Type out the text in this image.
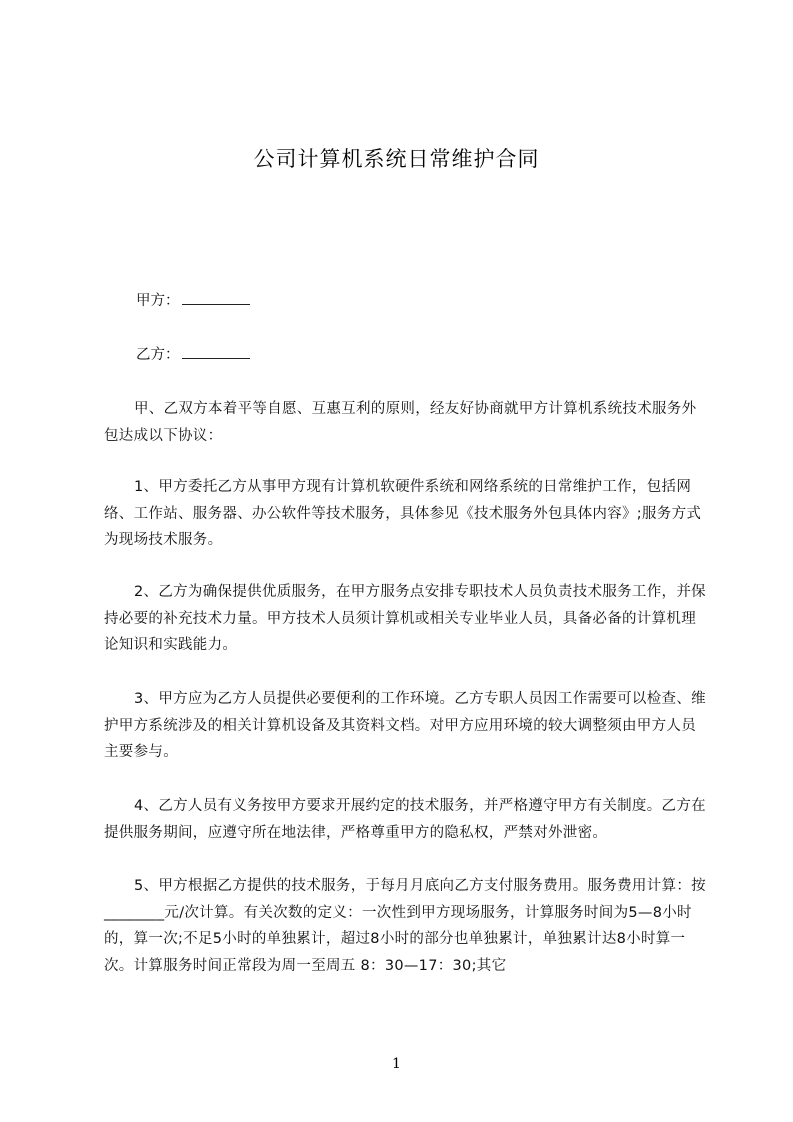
公司计算机系统日常维护合同
甲方：
乙方：
甲、乙双方本着平等自愿、互惠互利的原则，经友好协商就甲方计算机系统技术服务外包达成以下协议：
1、甲方委托乙方从事甲方现有计算机软硬件系统和网络系统的日常维护工作，包括网络、工作站、服务器、办公软件等技术服务，具体参见《技术服务外包具体内容》;服务方式为现场技术服务。
2、乙方为确保提供优质服务，在甲方服务点安排专职技术人员负责技术服务工作，并保持必要的补充技术力量。甲方技术人员须计算机或相关专业毕业人员，具备必备的计算机理论知识和实践能力。
3、甲方应为乙方人员提供必要便利的工作环境。乙方专职人员因工作需要可以检查、维护甲方系统涉及的相关计算机设备及其资料文档。对甲方应用环境的较大调整须由甲方人员主要参与。
4、乙方人员有义务按甲方要求开展约定的技术服务，并严格遵守甲方有关制度。乙方在提供服务期间，应遵守所在地法律，严格尊重甲方的隐私权，严禁对外泄密。
5、甲方根据乙方提供的技术服务，于每月月底向乙方支付服务费用。服务费用计算：按________元/次计算。有关次数的定义：一次性到甲方现场服务，计算服务时间为5—8小时的，算一次;不足5小时的单独累计，超过8小时的部分也单独累计，单独累计达8小时算一次。计算服务时间正常段为周一至周五 8：30—17：30;其它
1
